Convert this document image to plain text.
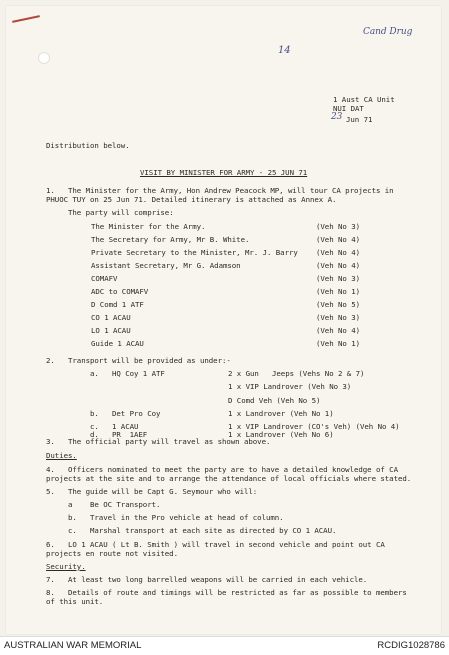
Cand Drug
14
1 Aust CA Unit
NUI DAT
23 Jun 71
Distribution below.
VISIT BY MINISTER FOR ARMY - 25 JUN 71
1.   The Minister for the Army, Hon Andrew Peacock MP, will tour CA projects in
PHUOC TUY on 25 Jun 71. Detailed itinerary is attached as Annex A.
The party will comprise:
The Minister for the Army.	(Veh No 3)
The Secretary for Army, Mr B. White.	(Veh No 4)
Private Secretary to the Minister, Mr. J. Barry (Veh No 4)
Assistant Secretary, Mr G. Adamson	(Veh No 4)
COMAFV	(Veh No 3)
ADC to COMAFV	(Veh No 1)
D Comd 1 ATF	(Veh No 5)
CO 1 ACAU	(Veh No 3)
LO 1 ACAU	(Veh No 4)
Guide 1 ACAU	(Veh No 1)
2.   Transport will be provided as under:-
a.   HQ Coy 1 ATF	2 x Gun   Jeeps (Vehs No 2 & 7)
1 x VIP Landrover (Veh No 3)
D Comd Veh (Veh No 5)
b.   Det Pro Coy	1 x Landrover (Veh No 1)
c.   1 ACAU	1 x VIP Landrover (CO's Veh) (Veh No 4)
d.   PR  1AEF	1 x Landrover (Veh No 6)
3.   The official party will travel as shown above.
Duties.
4.   Officers nominated to meet the party are to have a detailed knowledge of CA
projects at the site and to arrange the attendance of local officials where stated.
5.   The guide will be Capt G. Seymour who will:
a    Be OC Transport.
b.   Travel in the Pro vehicle at head of column.
c.   Marshal transport at each site as directed by CO 1 ACAU.
6.   LO 1 ACAU ( Lt B. Smith ) will travel in second vehicle and point out CA
projects en route not visited.
Security.
7.   At least two long barrelled weapons will be carried in each vehicle.
8.   Details of route and timings will be restricted as far as possible to members
of this unit.
AUSTRALIAN WAR MEMORIAL	RCDIG1028786
